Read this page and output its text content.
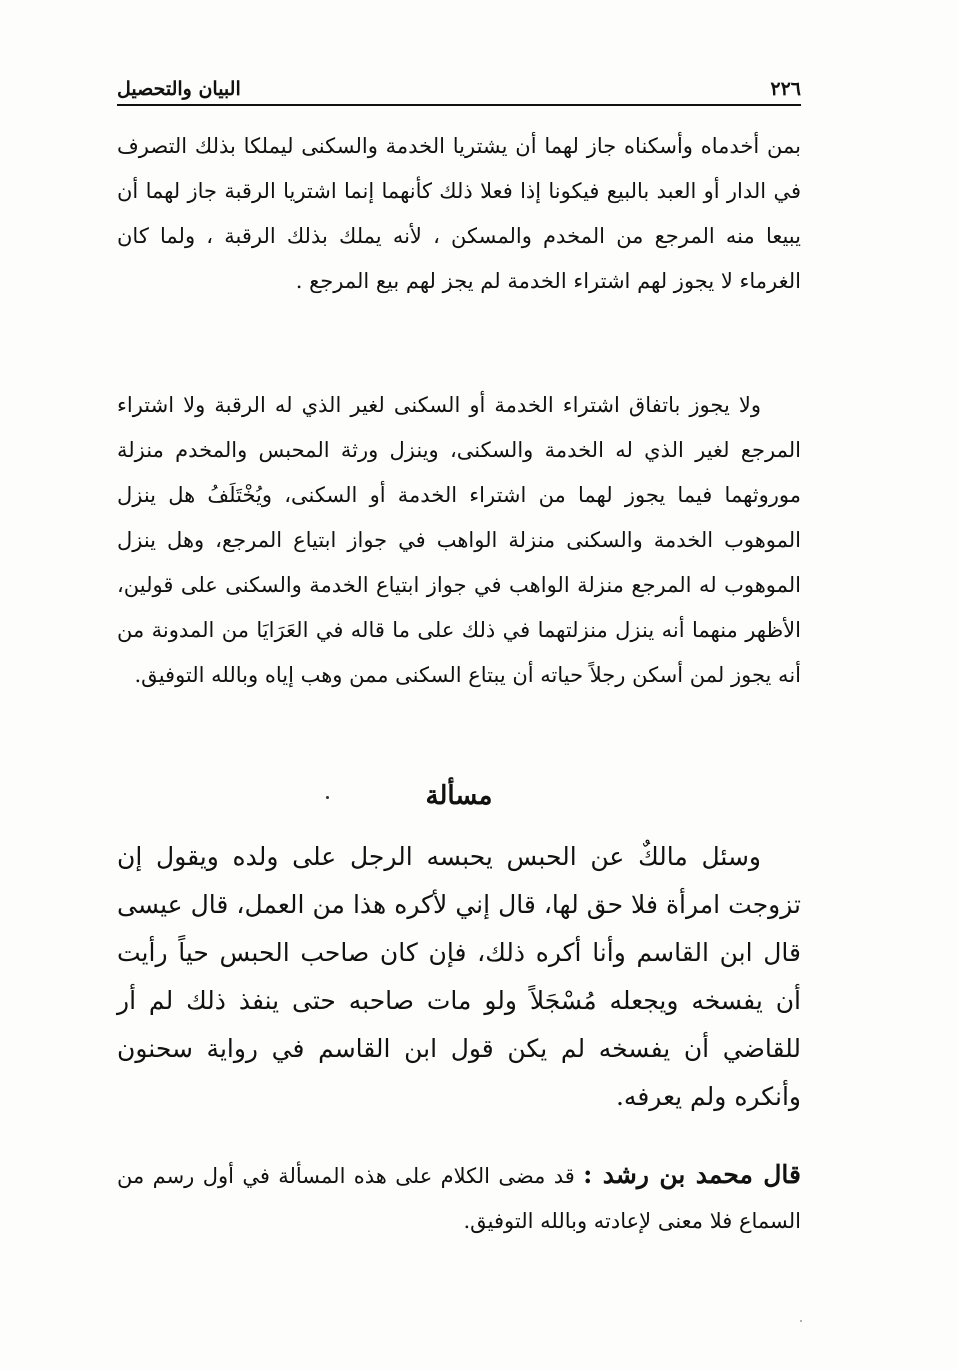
٢٢٦
البيان والتحصيل

بمن أخدماه وأسكناه جاز لهما أن يشتريا الخدمة والسكنى ليملكا بذلك التصرف في الدار أو العبد بالبيع فيكونا إذا فعلا ذلك كأنهما إنما اشتريا الرقبة جاز لهما أن يبيعا منه المرجع من المخدم والمسكن ، لأنه يملك بذلك الرقبة ، ولما كان الغرماء لا يجوز لهم اشتراء الخدمة لم يجز لهم بيع المرجع .

ولا يجوز باتفاق اشتراء الخدمة أو السكنى لغير الذي له الرقبة ولا اشتراء المرجع لغير الذي له الخدمة والسكنى، وينزل ورثة المحبس والمخدم منزلة موروثهما فيما يجوز لهما من اشتراء الخدمة أو السكنى، ويُخْتَلَفُ هل ينزل الموهوب الخدمة والسكنى منزلة الواهب في جواز ابتياع المرجع، وهل ينزل الموهوب له المرجع منزلة الواهب في جواز ابتياع الخدمة والسكنى على قولين، الأظهر منهما أنه ينزل منزلتهما في ذلك على ما قاله في العَرَايَا من المدونة من أنه يجوز لمن أسكن رجلاً حياته أن يبتاع السكنى ممن وهب إياه وبالله التوفيق.

مسألة

وسئل مالكٌ عن الحبس يحبسه الرجل على ولده ويقول إن تزوجت امرأة فلا حق لها، قال إني لأكره هذا من العمل، قال عيسى قال ابن القاسم وأنا أكره ذلك، فإن كان صاحب الحبس حياً رأيت أن يفسخه ويجعله مُسْجَلاً ولو مات صاحبه حتى ينفذ ذلك لم أر للقاضي أن يفسخه لم يكن قول ابن القاسم في رواية سحنون وأنكره ولم يعرفه.

قال محمد بن رشد : قد مضى الكلام على هذه المسألة في أول رسم من السماع فلا معنى لإعادته وبالله التوفيق.
